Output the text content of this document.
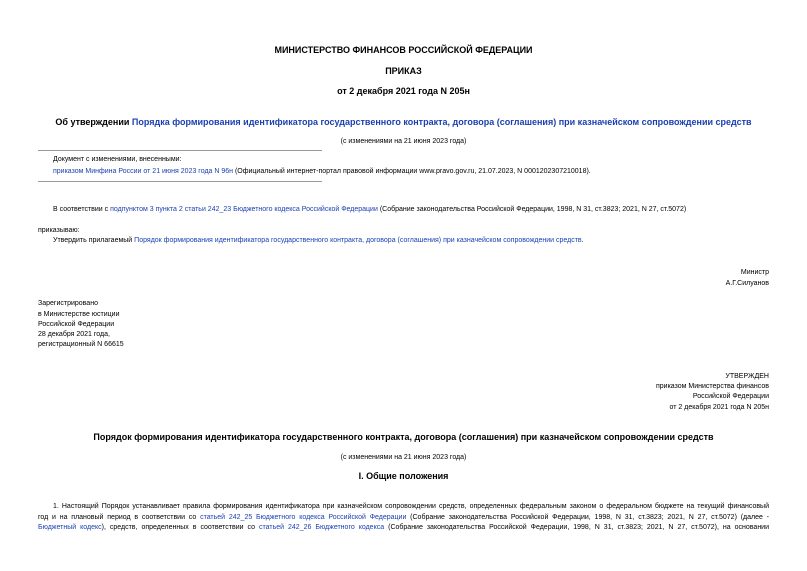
МИНИСТЕРСТВО ФИНАНСОВ РОССИЙСКОЙ ФЕДЕРАЦИИ
ПРИКАЗ
от 2 декабря 2021 года N 205н
Об утверждении Порядка формирования идентификатора государственного контракта, договора (соглашения) при казначейском сопровождении средств
(с изменениями на 21 июня 2023 года)
Документ с изменениями, внесенными:
приказом Минфина России от 21 июня 2023 года N 96н (Официальный интернет-портал правовой информации www.pravo.gov.ru, 21.07.2023, N 0001202307210018).
В соответствии с подпунктом 3 пункта 2 статьи 242_23 Бюджетного кодекса Российской Федерации (Собрание законодательства Российской Федерации, 1998, N 31, ст.3823; 2021, N 27, ст.5072)
приказываю:
Утвердить прилагаемый Порядок формирования идентификатора государственного контракта, договора (соглашения) при казначейском сопровождении средств.
Министр
А.Г.Силуанов
Зарегистрировано
в Министерстве юстиции
Российской Федерации
28 декабря 2021 года,
регистрационный N 66615
УТВЕРЖДЕН
приказом Министерства финансов
Российской Федерации
от 2 декабря 2021 года N 205н
Порядок формирования идентификатора государственного контракта, договора (соглашения) при казначейском сопровождении средств
(с изменениями на 21 июня 2023 года)
I. Общие положения
1. Настоящий Порядок устанавливает правила формирования идентификатора при казначейском сопровождении средств, определенных федеральным законом о федеральном бюджете на текущий финансовый
год и на плановый период в соответствии со статьей 242_25 Бюджетного кодекса Российской Федерации (Собрание законодательства Российской Федерации, 1998, N 31, ст.3823; 2021, N 27, ст.5072) (далее -
Бюджетный кодекс), средств, определенных в соответствии со статьей 242_26 Бюджетного кодекса (Собрание законодательства Российской Федерации, 1998, N 31, ст.3823; 2021, N 27, ст.5072), на основании
